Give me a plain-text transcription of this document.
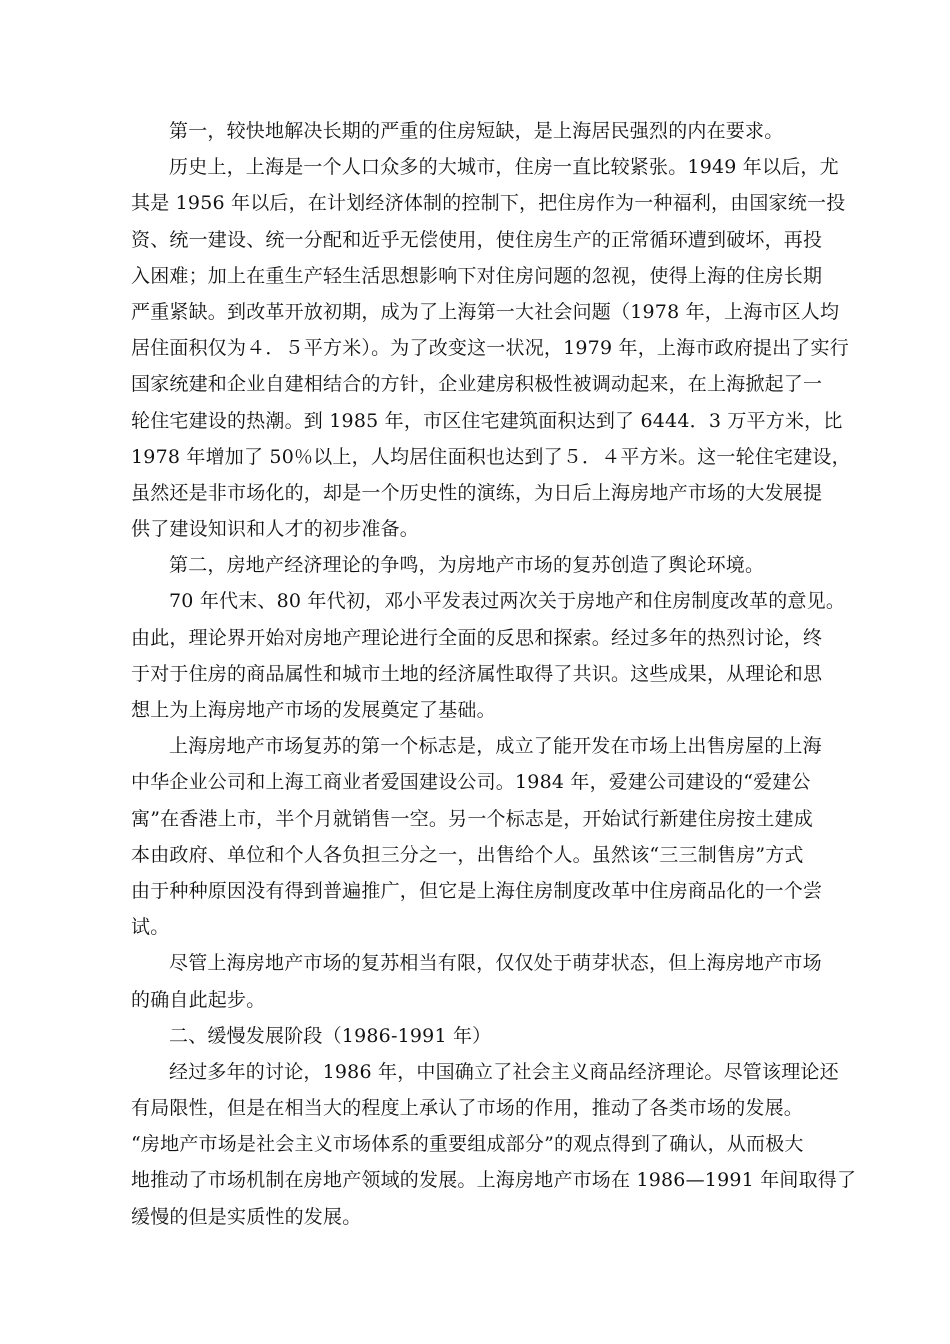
第一，较快地解决长期的严重的住房短缺，是上海居民强烈的内在要求。
历史上，上海是一个人口众多的大城市，住房一直比较紧张。1949 年以后，尤
其是 1956 年以后，在计划经济体制的控制下，把住房作为一种福利，由国家统一投
资、统一建设、统一分配和近乎无偿使用，使住房生产的正常循环遭到破坏，再投
入困难；加上在重生产轻生活思想影响下对住房问题的忽视，使得上海的住房长期
严重紧缺。到改革开放初期，成为了上海第一大社会问题（1978 年，上海市区人均
居住面积仅为４．５平方米）。为了改变这一状况，1979 年，上海市政府提出了实行
国家统建和企业自建相结合的方针，企业建房积极性被调动起来，在上海掀起了一
轮住宅建设的热潮。到 1985 年，市区住宅建筑面积达到了 6444．3 万平方米，比
1978 年增加了 50％以上，人均居住面积也达到了５．４平方米。这一轮住宅建设，
虽然还是非市场化的，却是一个历史性的演练，为日后上海房地产市场的大发展提
供了建设知识和人才的初步准备。
第二，房地产经济理论的争鸣，为房地产市场的复苏创造了舆论环境。
70 年代末、80 年代初，邓小平发表过两次关于房地产和住房制度改革的意见。
由此，理论界开始对房地产理论进行全面的反思和探索。经过多年的热烈讨论，终
于对于住房的商品属性和城市土地的经济属性取得了共识。这些成果，从理论和思
想上为上海房地产市场的发展奠定了基础。
上海房地产市场复苏的第一个标志是，成立了能开发在市场上出售房屋的上海
中华企业公司和上海工商业者爱国建设公司。1984 年，爱建公司建设的“爱建公
寓”在香港上市，半个月就销售一空。另一个标志是，开始试行新建住房按土建成
本由政府、单位和个人各负担三分之一，出售给个人。虽然该“三三制售房”方式
由于种种原因没有得到普遍推广，但它是上海住房制度改革中住房商品化的一个尝
试。
尽管上海房地产市场的复苏相当有限，仅仅处于萌芽状态，但上海房地产市场
的确自此起步。
二、缓慢发展阶段（1986-1991 年）
经过多年的讨论，1986 年，中国确立了社会主义商品经济理论。尽管该理论还
有局限性，但是在相当大的程度上承认了市场的作用，推动了各类市场的发展。
“房地产市场是社会主义市场体系的重要组成部分”的观点得到了确认，从而极大
地推动了市场机制在房地产领域的发展。上海房地产市场在 1986—1991 年间取得了
缓慢的但是实质性的发展。
